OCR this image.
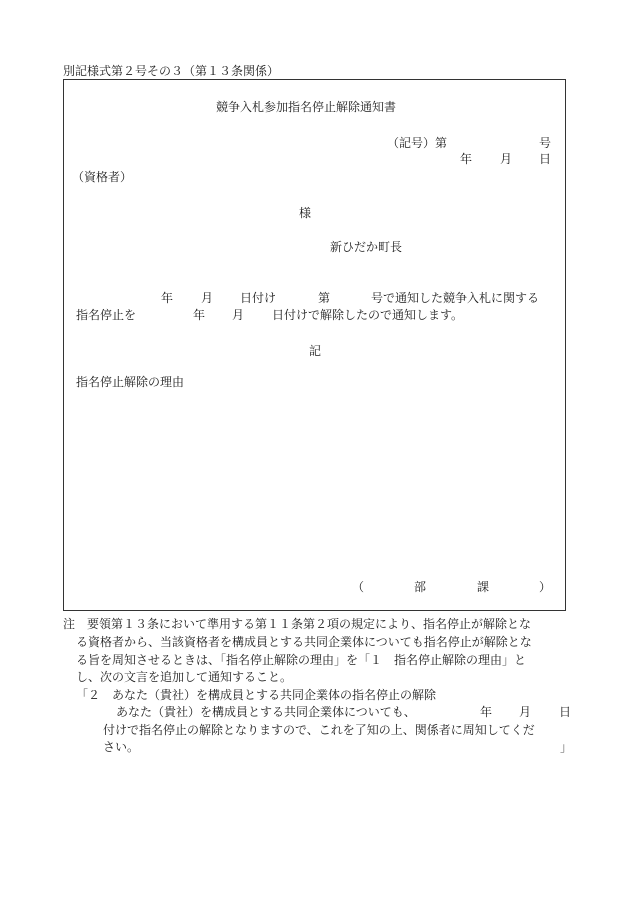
別記様式第２号その３（第１３条関係）
競争入札参加指名停止解除通知書
（記号）第	号
年 月 日
（資格者）
様
新ひだか町長
年 月 日付け	第	号で通知した競争入札に関する
指名停止を	年 月 日付けで解除したので通知します。
記
指名停止解除の理由
（	部	課	）
注　要領第１３条において準用する第１１条第２項の規定により、指名停止が解除とな
る資格者から、当該資格者を構成員とする共同企業体についても指名停止が解除とな
る旨を周知させるときは、「指名停止解除の理由」を「１　指名停止解除の理由」と
し、次の文言を追加して通知すること。
「２　あなた（貴社）を構成員とする共同企業体の指名停止の解除
あなた（貴社）を構成員とする共同企業体についても、	年 月 日
付けで指名停止の解除となりますので、これを了知の上、関係者に周知してくだ
さい。	」
